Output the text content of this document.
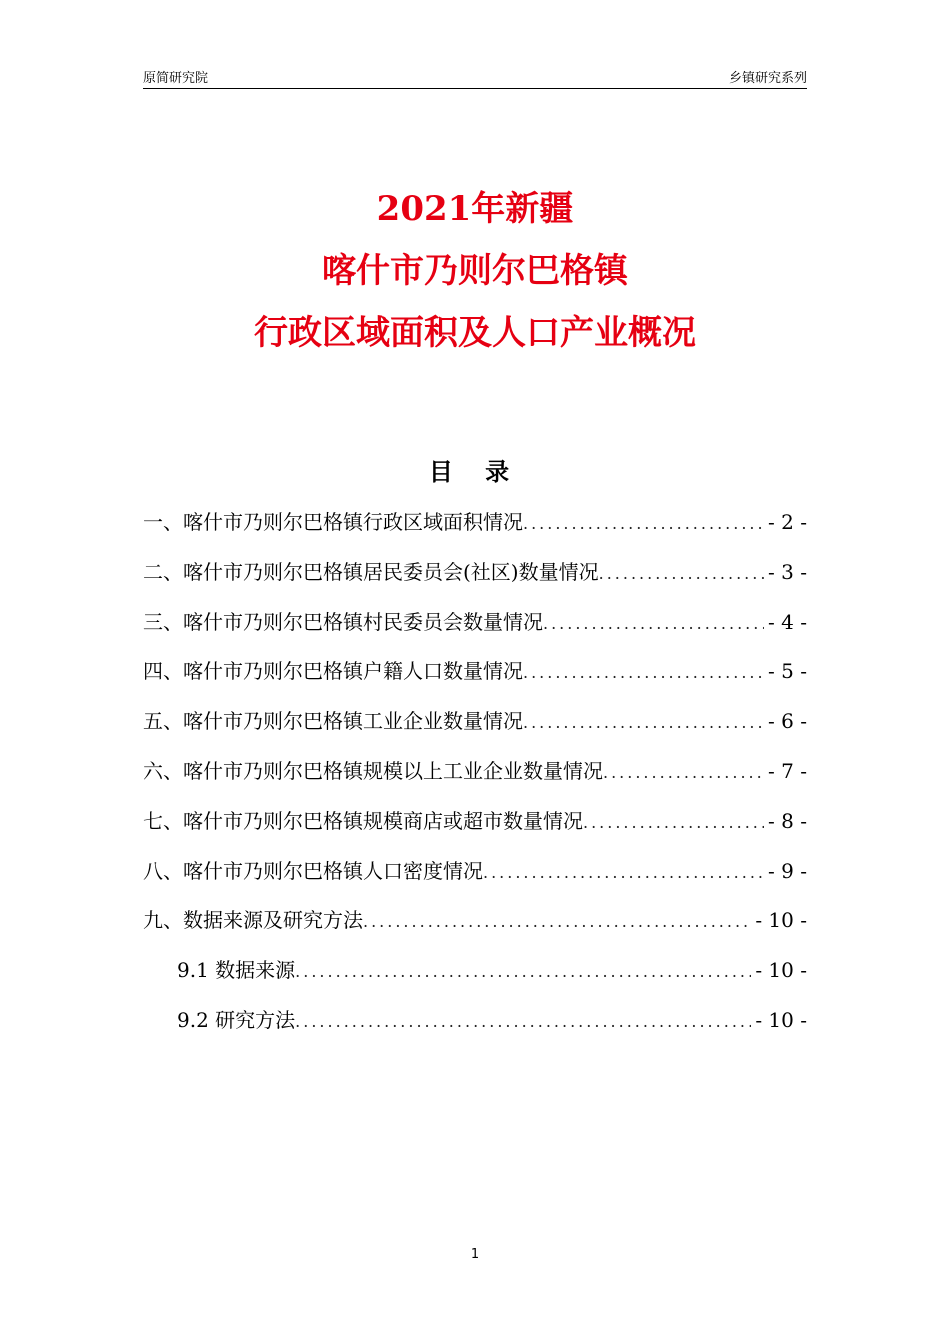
原简研究院	乡镇研究系列
2021年新疆
喀什市乃则尔巴格镇
行政区域面积及人口产业概况
目 录
一、喀什市乃则尔巴格镇行政区域面积情况 .....	- 2 -
二、喀什市乃则尔巴格镇居民委员会(社区)数量情况 .....	- 3 -
三、喀什市乃则尔巴格镇村民委员会数量情况 .....	- 4 -
四、喀什市乃则尔巴格镇户籍人口数量情况 .....	- 5 -
五、喀什市乃则尔巴格镇工业企业数量情况 .....	- 6 -
六、喀什市乃则尔巴格镇规模以上工业企业数量情况 .....	- 7 -
七、喀什市乃则尔巴格镇规模商店或超市数量情况 .....	- 8 -
八、喀什市乃则尔巴格镇人口密度情况 .....	- 9 -
九、数据来源及研究方法 .....	- 10 -
9.1 数据来源 .....	- 10 -
9.2 研究方法 .....	- 10 -
1
